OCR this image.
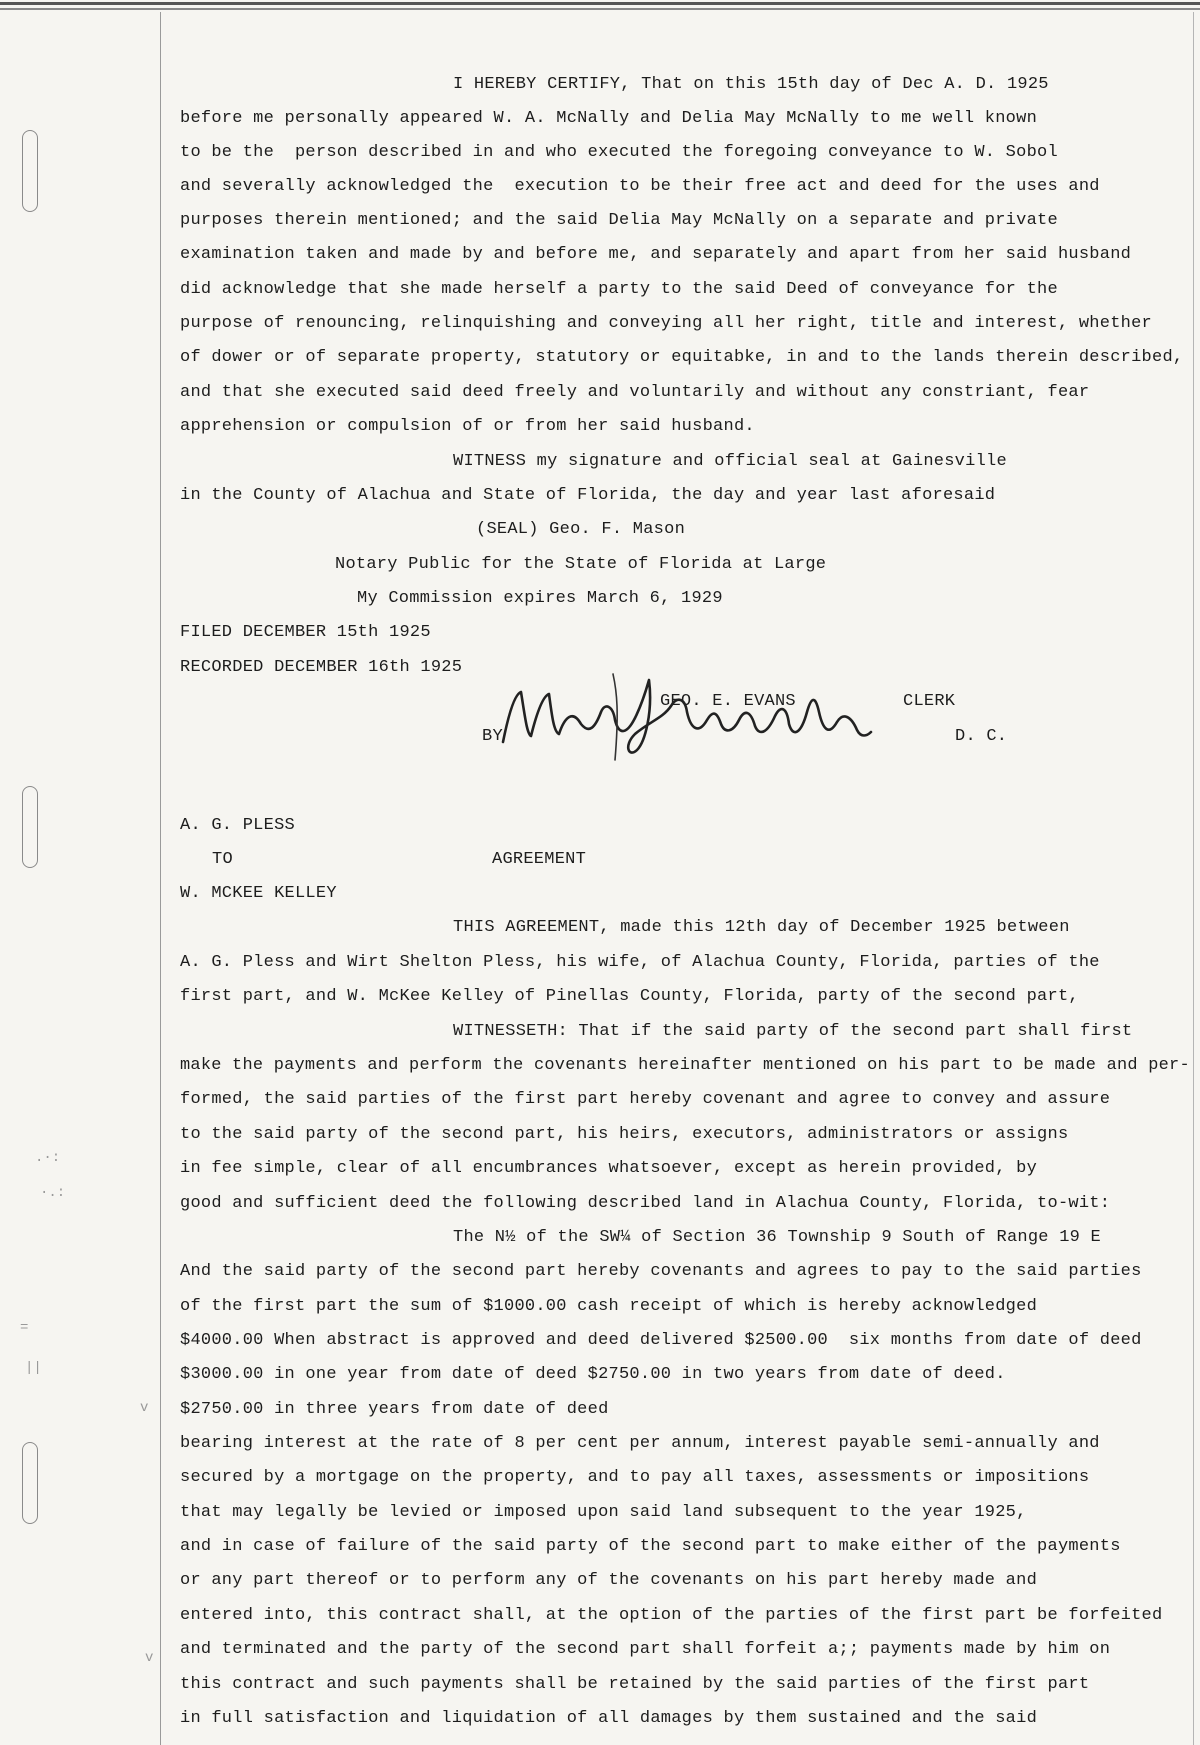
.·:
·.:
=
||
v
v
I HEREBY CERTIFY, That on this 15th day of Dec A. D. 1925
before me personally appeared W. A. McNally and Delia May McNally to me well known
to be the  person described in and who executed the foregoing conveyance to W. Sobol
and severally acknowledged the  execution to be their free act and deed for the uses and
purposes therein mentioned; and the said Delia May McNally on a separate and private
examination taken and made by and before me, and separately and apart from her said husband
did acknowledge that she made herself a party to the said Deed of conveyance for the
purpose of renouncing, relinquishing and conveying all her right, title and interest, whether
of dower or of separate property, statutory or equitabke, in and to the lands therein described,
and that she executed said deed freely and voluntarily and without any constriant, fear
apprehension or compulsion of or from her said husband.
WITNESS my signature and official seal at Gainesville
in the County of Alachua and State of Florida, the day and year last aforesaid
(SEAL) Geo. F. Mason
Notary Public for the State of Florida at Large
My Commission expires March 6, 1929
FILED DECEMBER 15th 1925
RECORDED DECEMBER 16th 1925
GEO. E. EVANS	CLERK
BY	D. C.
A. G. PLESS
TO	AGREEMENT
W. MCKEE KELLEY
THIS AGREEMENT, made this 12th day of December 1925 between
A. G. Pless and Wirt Shelton Pless, his wife, of Alachua County, Florida, parties of the
first part, and W. McKee Kelley of Pinellas County, Florida, party of the second part,
WITNESSETH: That if the said party of the second part shall first
make the payments and perform the covenants hereinafter mentioned on his part to be made and per-
formed, the said parties of the first part hereby covenant and agree to convey and assure
to the said party of the second part, his heirs, executors, administrators or assigns
in fee simple, clear of all encumbrances whatsoever, except as herein provided, by
good and sufficient deed the following described land in Alachua County, Florida, to-wit:
The N½ of the SW¼ of Section 36 Township 9 South of Range 19 E
And the said party of the second part hereby covenants and agrees to pay to the said parties
of the first part the sum of $1000.00 cash receipt of which is hereby acknowledged
$4000.00 When abstract is approved and deed delivered $2500.00  six months from date of deed
$3000.00 in one year from date of deed $2750.00 in two years from date of deed.
$2750.00 in three years from date of deed
bearing interest at the rate of 8 per cent per annum, interest payable semi-annually and
secured by a mortgage on the property, and to pay all taxes, assessments or impositions
that may legally be levied or imposed upon said land subsequent to the year 1925,
and in case of failure of the said party of the second part to make either of the payments
or any part thereof or to perform any of the covenants on his part hereby made and
entered into, this contract shall, at the option of the parties of the first part be forfeited
and terminated and the party of the second part shall forfeit a;; payments made by him on
this contract and such payments shall be retained by the said parties of the first part
in full satisfaction and liquidation of all damages by them sustained and the said
